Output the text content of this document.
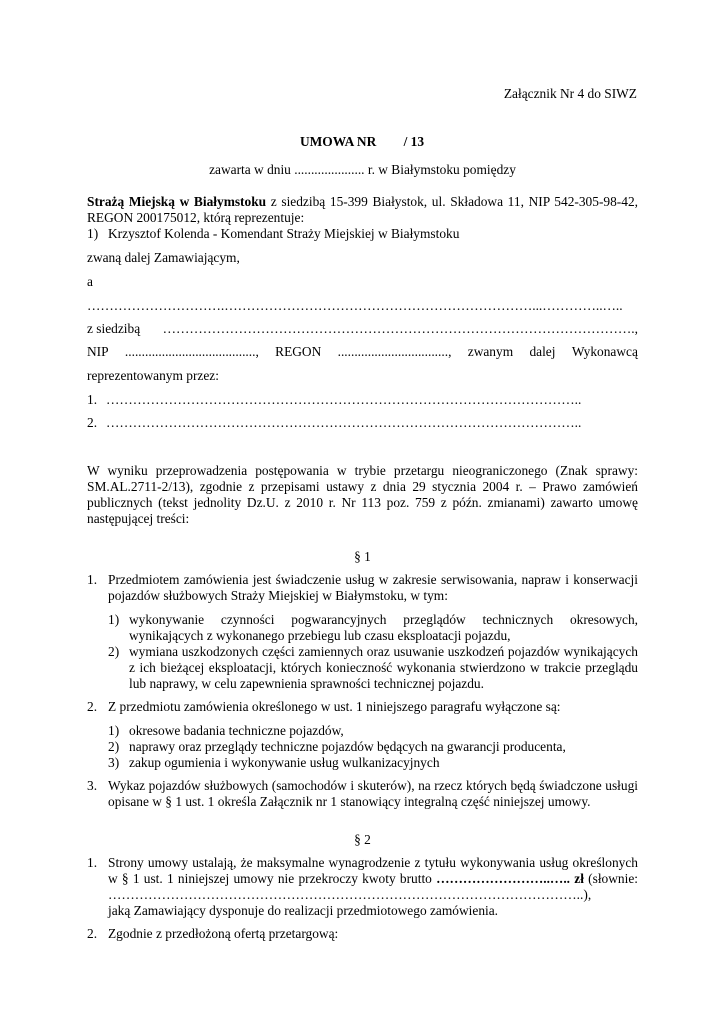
Załącznik Nr 4 do SIWZ
UMOWA NR / 13
zawarta w dniu ..................... r. w Białymstoku pomiędzy
Strażą Miejską w Białymstoku z siedzibą 15-399 Białystok, ul. Składowa 11, NIP 542-305-98-42,
REGON 200175012, którą reprezentuje:
1) Krzysztof Kolenda - Komendant Straży Miejskiej w Białymstoku
zwaną dalej Zamawiającym,
a
………………………….……………………………………………………………...…………..…..
z siedzibą …………………………………………………………………………………………….,
NIP ......................................., REGON ................................., zwanym dalej Wykonawcą
reprezentowanym przez:
1. ……………………………………………………………………………………………..
2. ……………………………………………………………………………………………..
W wyniku przeprowadzenia postępowania w trybie przetargu nieograniczonego (Znak sprawy:
SM.AL.2711-2/13), zgodnie z przepisami ustawy z dnia 29 stycznia 2004 r. – Prawo zamówień
publicznych (tekst jednolity Dz.U. z 2010 r. Nr 113 poz. 759 z późn. zmianami) zawarto umowę
następującej treści:
§ 1
1. Przedmiotem zamówienia jest świadczenie usług w zakresie serwisowania, napraw i konserwacji
pojazdów służbowych Straży Miejskiej w Białymstoku, w tym:
1) wykonywanie czynności pogwarancyjnych przeglądów technicznych okresowych,
wynikających z wykonanego przebiegu lub czasu eksploatacji pojazdu,
2) wymiana uszkodzonych części zamiennych oraz usuwanie uszkodzeń pojazdów wynikających
z ich bieżącej eksploatacji, których konieczność wykonania stwierdzono w trakcie przeglądu
lub naprawy, w celu zapewnienia sprawności technicznej pojazdu.
2. Z przedmiotu zamówienia określonego w ust. 1 niniejszego paragrafu wyłączone są:
1) okresowe badania techniczne pojazdów,
2) naprawy oraz przeglądy techniczne pojazdów będących na gwarancji producenta,
3) zakup ogumienia i wykonywanie usług wulkanizacyjnych
3. Wykaz pojazdów służbowych (samochodów i skuterów), na rzecz których będą świadczone usługi
opisane w § 1 ust. 1 określa Załącznik nr 1 stanowiący integralną część niniejszej umowy.
§ 2
1. Strony umowy ustalają, że maksymalne wynagrodzenie z tytułu wykonywania usług określonych
w § 1 ust. 1 niniejszej umowy nie przekroczy kwoty brutto ……………………..….. zł (słownie:
……………………………………………………………………………………………..),
jaką Zamawiający dysponuje do realizacji przedmiotowego zamówienia.
2. Zgodnie z przedłożoną ofertą przetargową:
